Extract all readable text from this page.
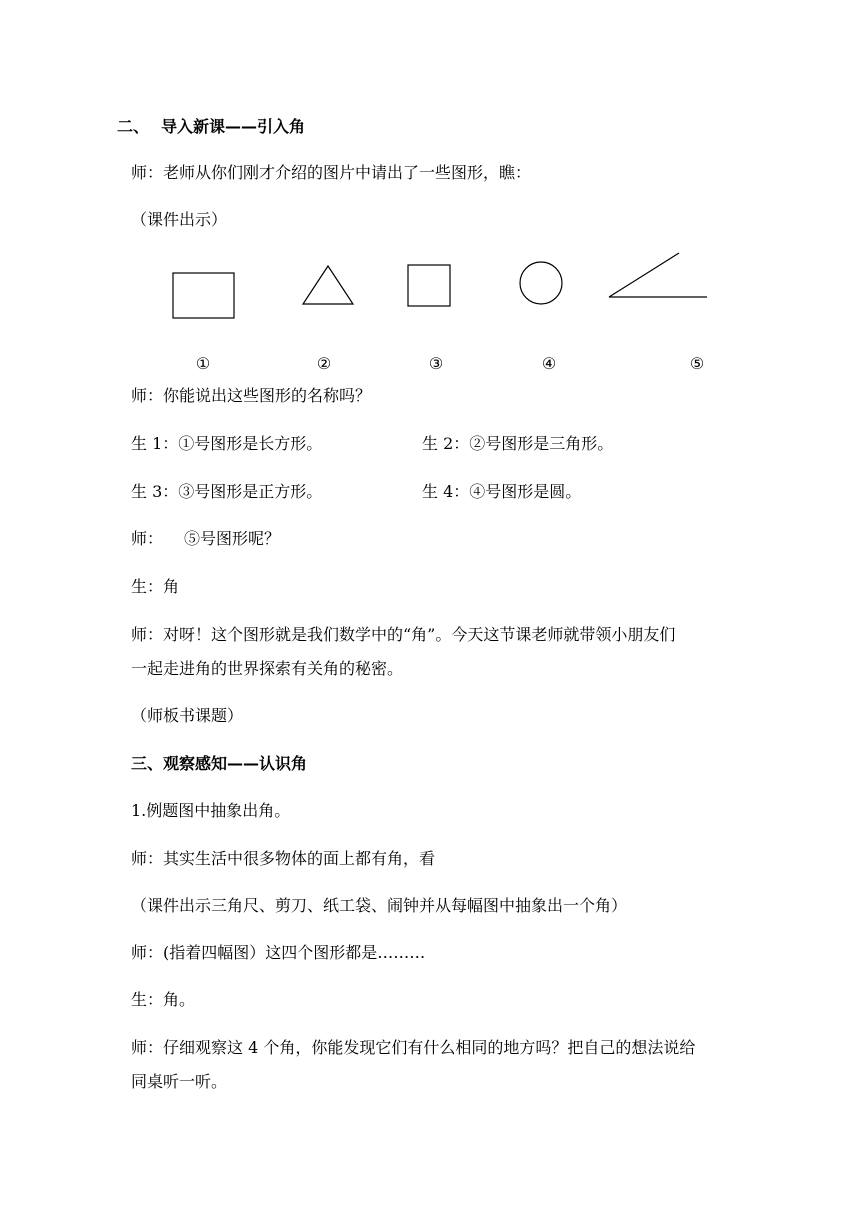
二、 导入新课——引入角
师：老师从你们刚才介绍的图片中请出了一些图形，瞧：
（课件出示）
①	②	③	④	⑤
师：你能说出这些图形的名称吗？
生 1：①号图形是长方形。	生 2：②号图形是三角形。
生 3：③号图形是正方形。	生 4：④号图形是圆。
师： ⑤号图形呢？
生：角
师：对呀！这个图形就是我们数学中的“角”。今天这节课老师就带领小朋友们
一起走进角的世界探索有关角的秘密。
（师板书课题）
三、观察感知——认识角
1.例题图中抽象出角。
师：其实生活中很多物体的面上都有角，看
（课件出示三角尺、剪刀、纸工袋、闹钟并从每幅图中抽象出一个角）
师：(指着四幅图）这四个图形都是………
生：角。
师：仔细观察这 4 个角，你能发现它们有什么相同的地方吗？把自己的想法说给
同桌听一听。
